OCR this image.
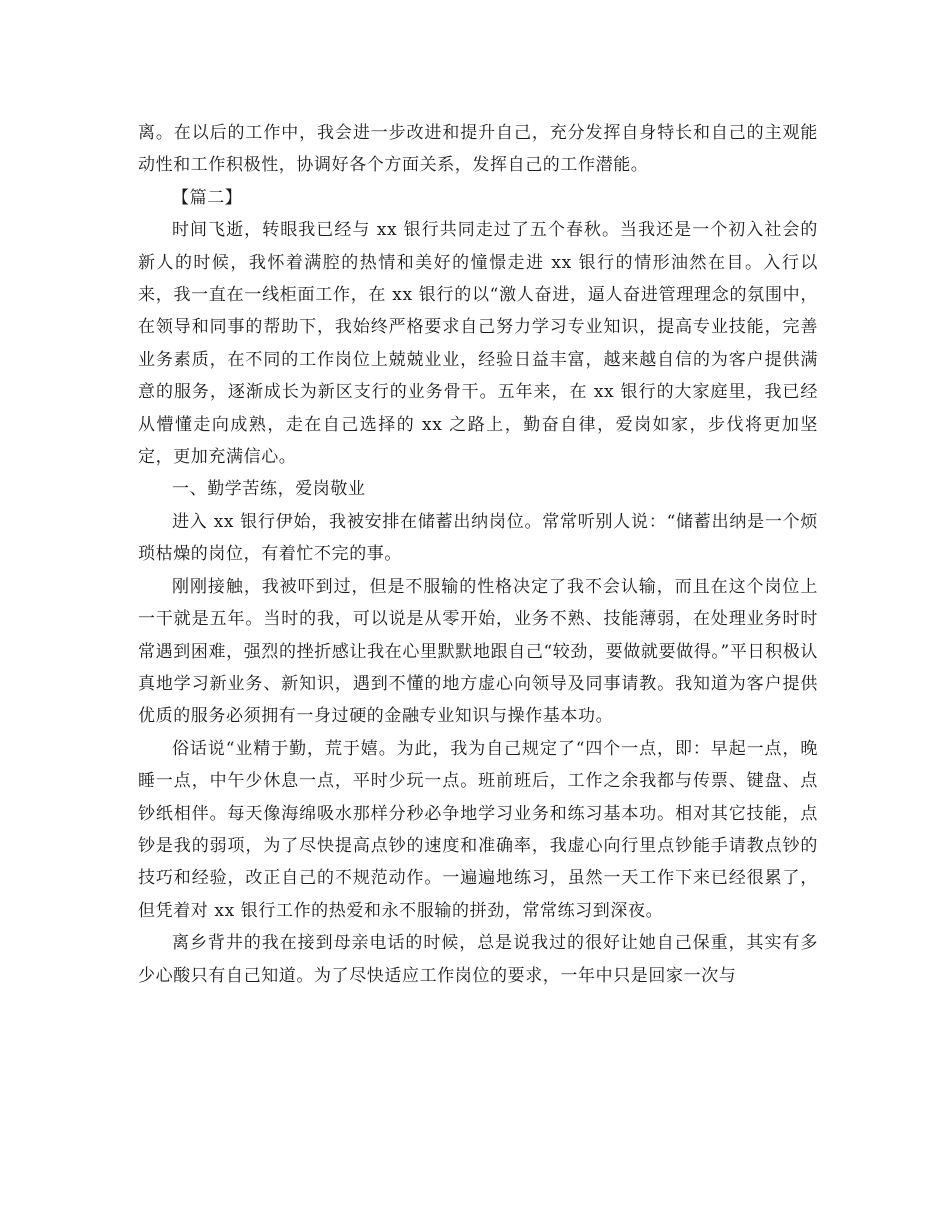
离。在以后的工作中，我会进一步改进和提升自己，充分发挥自身特长和自己的主观能动性和工作积极性，协调好各个方面关系，发挥自己的工作潜能。

【篇二】

时间飞逝，转眼我已经与 xx 银行共同走过了五个春秋。当我还是一个初入社会的新人的时候，我怀着满腔的热情和美好的憧憬走进 xx 银行的情形油然在目。入行以来，我一直在一线柜面工作，在 xx 银行的以“激人奋进，逼人奋进管理理念的氛围中，在领导和同事的帮助下，我始终严格要求自己努力学习专业知识，提高专业技能，完善业务素质，在不同的工作岗位上兢兢业业，经验日益丰富，越来越自信的为客户提供满意的服务，逐渐成长为新区支行的业务骨干。五年来，在 xx 银行的大家庭里，我已经从懵懂走向成熟，走在自己选择的 xx 之路上，勤奋自律，爱岗如家，步伐将更加坚定，更加充满信心。

一、勤学苦练，爱岗敬业

进入 xx 银行伊始，我被安排在储蓄出纳岗位。常常听别人说：“储蓄出纳是一个烦琐枯燥的岗位，有着忙不完的事。

刚刚接触，我被吓到过，但是不服输的性格决定了我不会认输，而且在这个岗位上一干就是五年。当时的我，可以说是从零开始，业务不熟、技能薄弱，在处理业务时时常遇到困难，强烈的挫折感让我在心里默默地跟自己“较劲，要做就要做得。”平日积极认真地学习新业务、新知识，遇到不懂的地方虚心向领导及同事请教。我知道为客户提供优质的服务必须拥有一身过硬的金融专业知识与操作基本功。

俗话说“业精于勤，荒于嬉。为此，我为自己规定了“四个一点，即：早起一点，晚睡一点，中午少休息一点，平时少玩一点。班前班后，工作之余我都与传票、键盘、点钞纸相伴。每天像海绵吸水那样分秒必争地学习业务和练习基本功。相对其它技能，点钞是我的弱项，为了尽快提高点钞的速度和准确率，我虚心向行里点钞能手请教点钞的技巧和经验，改正自己的不规范动作。一遍遍地练习，虽然一天工作下来已经很累了，但凭着对 xx 银行工作的热爱和永不服输的拼劲，常常练习到深夜。

离乡背井的我在接到母亲电话的时候，总是说我过的很好让她自己保重，其实有多少心酸只有自己知道。为了尽快适应工作岗位的要求，一年中只是回家一次与
